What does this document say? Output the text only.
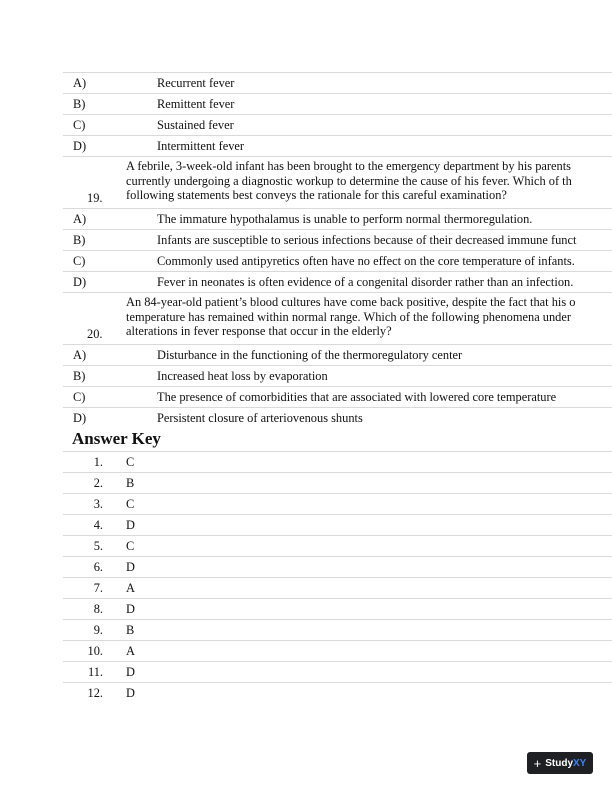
A)	Recurrent fever
B)	Remittent fever
C)	Sustained fever
D)	Intermittent fever
19.
A febrile, 3-week-old infant has been brought to the emergency department by his parents
currently undergoing a diagnostic workup to determine the cause of his fever. Which of th
following statements best conveys the rationale for this careful examination?
A)	The immature hypothalamus is unable to perform normal thermoregulation.
B)	Infants are susceptible to serious infections because of their decreased immune funct
C)	Commonly used antipyretics often have no effect on the core temperature of infants.
D)	Fever in neonates is often evidence of a congenital disorder rather than an infection.
20.
An 84-year-old patient’s blood cultures have come back positive, despite the fact that his o
temperature has remained within normal range. Which of the following phenomena under
alterations in fever response that occur in the elderly?
A)	Disturbance in the functioning of the thermoregulatory center
B)	Increased heat loss by evaporation
C)	The presence of comorbidities that are associated with lowered core temperature
D)	Persistent closure of arteriovenous shunts
Answer Key
1. C
2. B
3. C
4. D
5. C
6. D
7. A
8. D
9. B
10. A
11. D
12. D
+ StudyXY
